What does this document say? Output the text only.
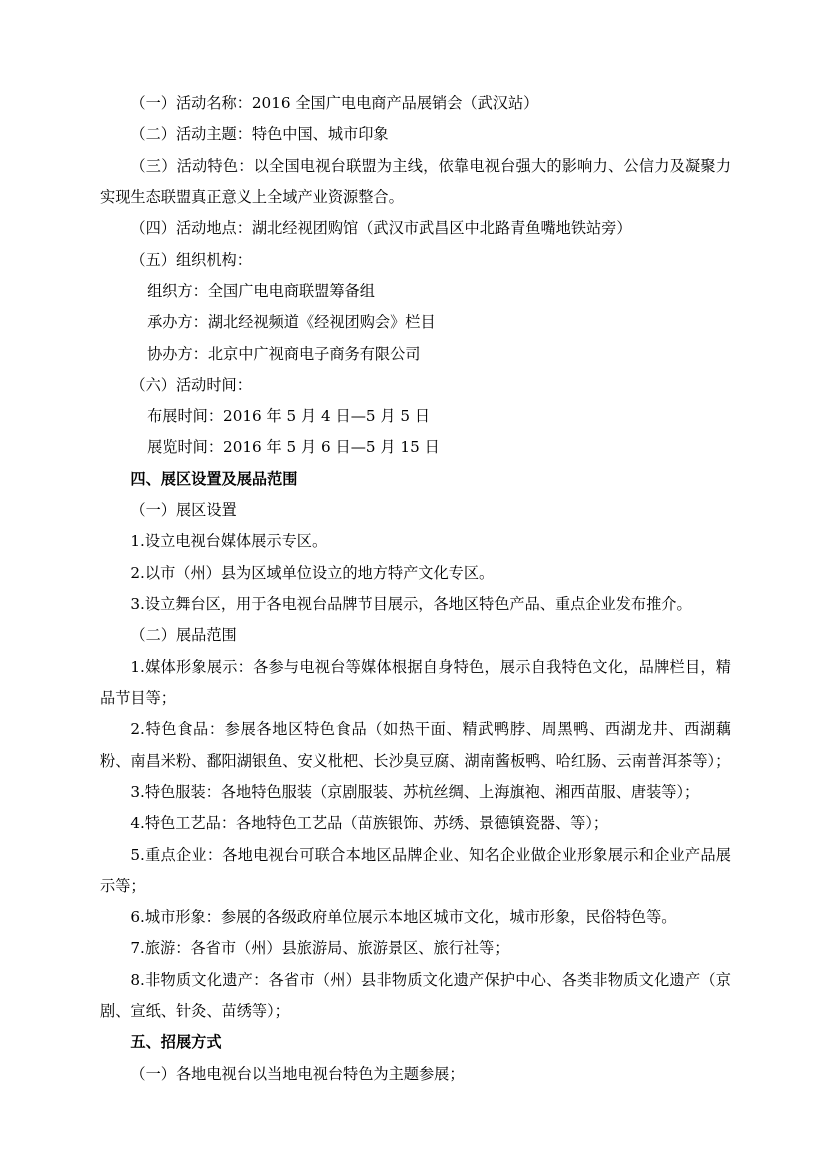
（一）活动名称：2016 全国广电电商产品展销会（武汉站）

（二）活动主题：特色中国、城市印象

（三）活动特色：以全国电视台联盟为主线，依靠电视台强大的影响力、公信力及凝聚力实现生态联盟真正意义上全域产业资源整合。

（四）活动地点：湖北经视团购馆（武汉市武昌区中北路青鱼嘴地铁站旁）

（五）组织机构：

组织方：全国广电电商联盟筹备组

承办方：湖北经视频道《经视团购会》栏目

协办方：北京中广视商电子商务有限公司

（六）活动时间：

布展时间：2016 年 5 月 4 日—5 月 5 日

展览时间：2016 年 5 月 6 日—5 月 15 日

四、展区设置及展品范围

（一）展区设置

1.设立电视台媒体展示专区。

2.以市（州）县为区域单位设立的地方特产文化专区。

3.设立舞台区，用于各电视台品牌节目展示，各地区特色产品、重点企业发布推介。

（二）展品范围

1.媒体形象展示：各参与电视台等媒体根据自身特色，展示自我特色文化，品牌栏目，精品节目等；

2.特色食品：参展各地区特色食品（如热干面、精武鸭脖、周黑鸭、西湖龙井、西湖藕粉、南昌米粉、鄱阳湖银鱼、安义枇杷、长沙臭豆腐、湖南酱板鸭、哈红肠、云南普洱茶等）；

3.特色服装：各地特色服装（京剧服装、苏杭丝绸、上海旗袍、湘西苗服、唐装等）；

4.特色工艺品：各地特色工艺品（苗族银饰、苏绣、景德镇瓷器、等）；

5.重点企业：各地电视台可联合本地区品牌企业、知名企业做企业形象展示和企业产品展示等；

6.城市形象：参展的各级政府单位展示本地区城市文化，城市形象，民俗特色等。

7.旅游：各省市（州）县旅游局、旅游景区、旅行社等；

8.非物质文化遗产：各省市（州）县非物质文化遗产保护中心、各类非物质文化遗产（京剧、宣纸、针灸、苗绣等）；

五、招展方式

（一）各地电视台以当地电视台特色为主题参展；
